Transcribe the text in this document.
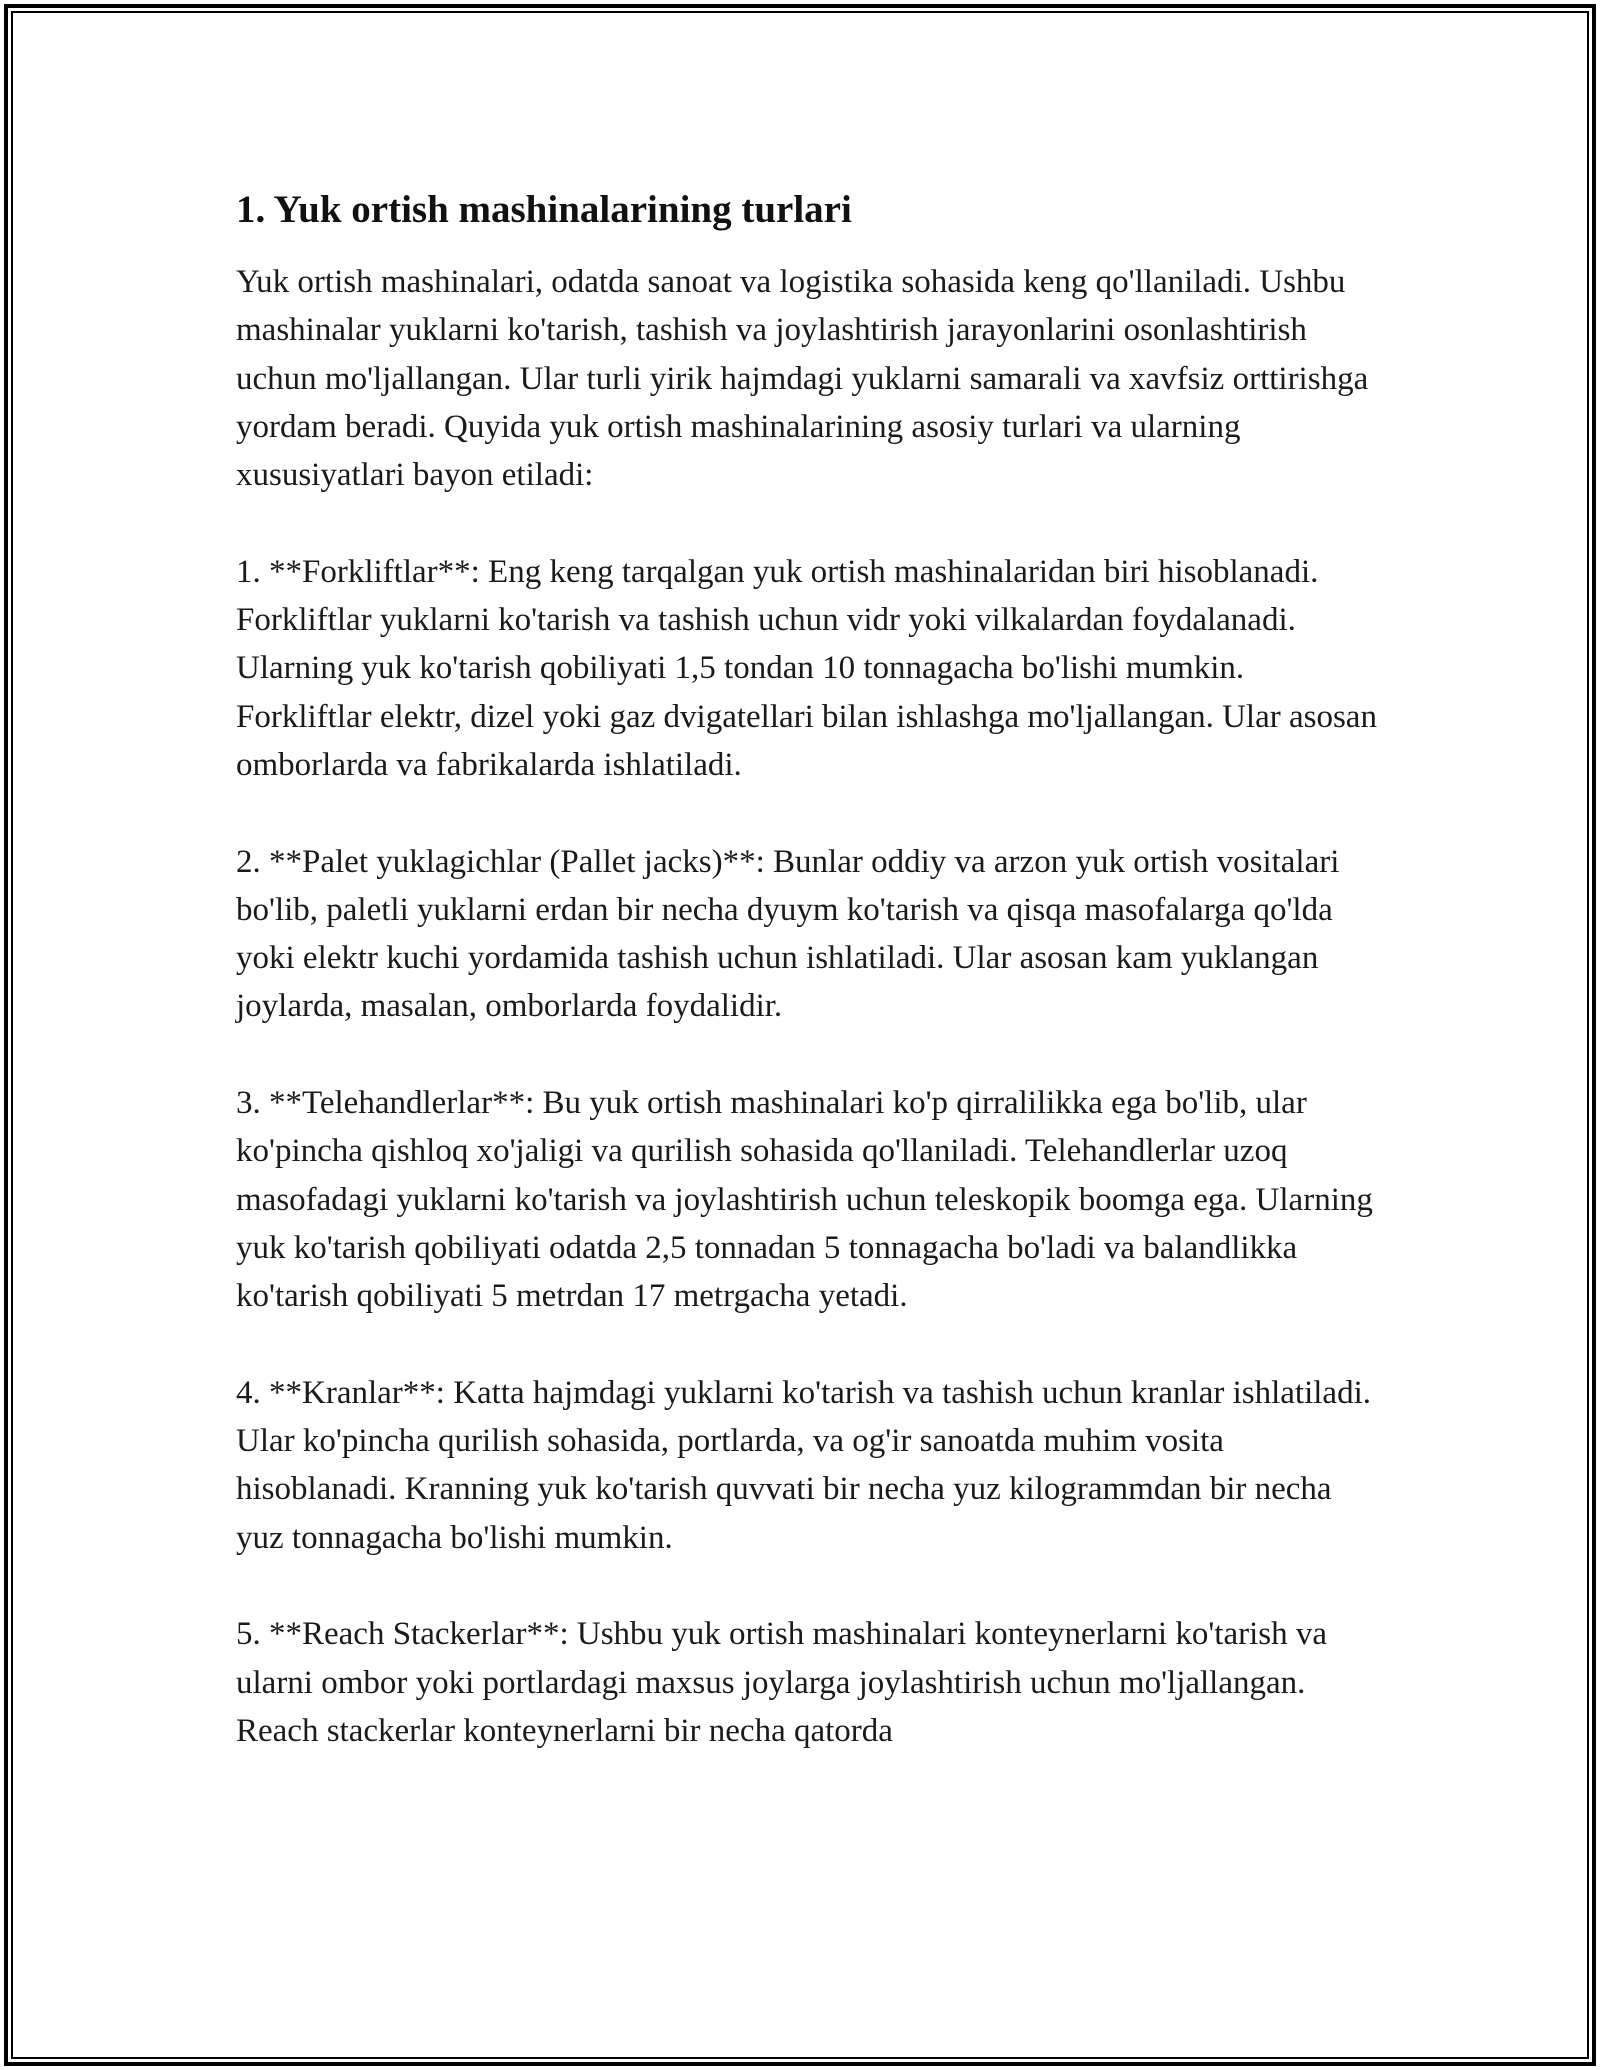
1. Yuk ortish mashinalarining turlari

Yuk ortish mashinalari, odatda sanoat va logistika sohasida keng qo'llaniladi. Ushbu mashinalar yuklarni ko'tarish, tashish va joylashtirish jarayonlarini osonlashtirish uchun mo'ljallangan. Ular turli yirik hajmdagi yuklarni samarali va xavfsiz orttirishga yordam beradi. Quyida yuk ortish mashinalarining asosiy turlari va ularning xususiyatlari bayon etiladi:

1. **Forkliftlar**: Eng keng tarqalgan yuk ortish mashinalaridan biri hisoblanadi. Forkliftlar yuklarni ko'tarish va tashish uchun vidr yoki vilkalardan foydalanadi. Ularning yuk ko'tarish qobiliyati 1,5 tondan 10 tonnagacha bo'lishi mumkin. Forkliftlar elektr, dizel yoki gaz dvigatellari bilan ishlashga mo'ljallangan. Ular asosan omborlarda va fabrikalarda ishlatiladi.

2. **Palet yuklagichlar (Pallet jacks)**: Bunlar oddiy va arzon yuk ortish vositalari bo'lib, paletli yuklarni erdan bir necha dyuym ko'tarish va qisqa masofalarga qo'lda yoki elektr kuchi yordamida tashish uchun ishlatiladi. Ular asosan kam yuklangan joylarda, masalan, omborlarda foydalidir.

3. **Telehandlerlar**: Bu yuk ortish mashinalari ko'p qirralilikka ega bo'lib, ular ko'pincha qishloq xo'jaligi va qurilish sohasida qo'llaniladi. Telehandlerlar uzoq masofadagi yuklarni ko'tarish va joylashtirish uchun teleskopik boomga ega. Ularning yuk ko'tarish qobiliyati odatda 2,5 tonnadan 5 tonnagacha bo'ladi va balandlikka ko'tarish qobiliyati 5 metrdan 17 metrgacha yetadi.

4. **Kranlar**: Katta hajmdagi yuklarni ko'tarish va tashish uchun kranlar ishlatiladi. Ular ko'pincha qurilish sohasida, portlarda, va og'ir sanoatda muhim vosita hisoblanadi. Kranning yuk ko'tarish quvvati bir necha yuz kilogrammdan bir necha yuz tonnagacha bo'lishi mumkin.

5. **Reach Stackerlar**: Ushbu yuk ortish mashinalari konteynerlarni ko'tarish va ularni ombor yoki portlardagi maxsus joylarga joylashtirish uchun mo'ljallangan. Reach stackerlar konteynerlarni bir necha qatorda
